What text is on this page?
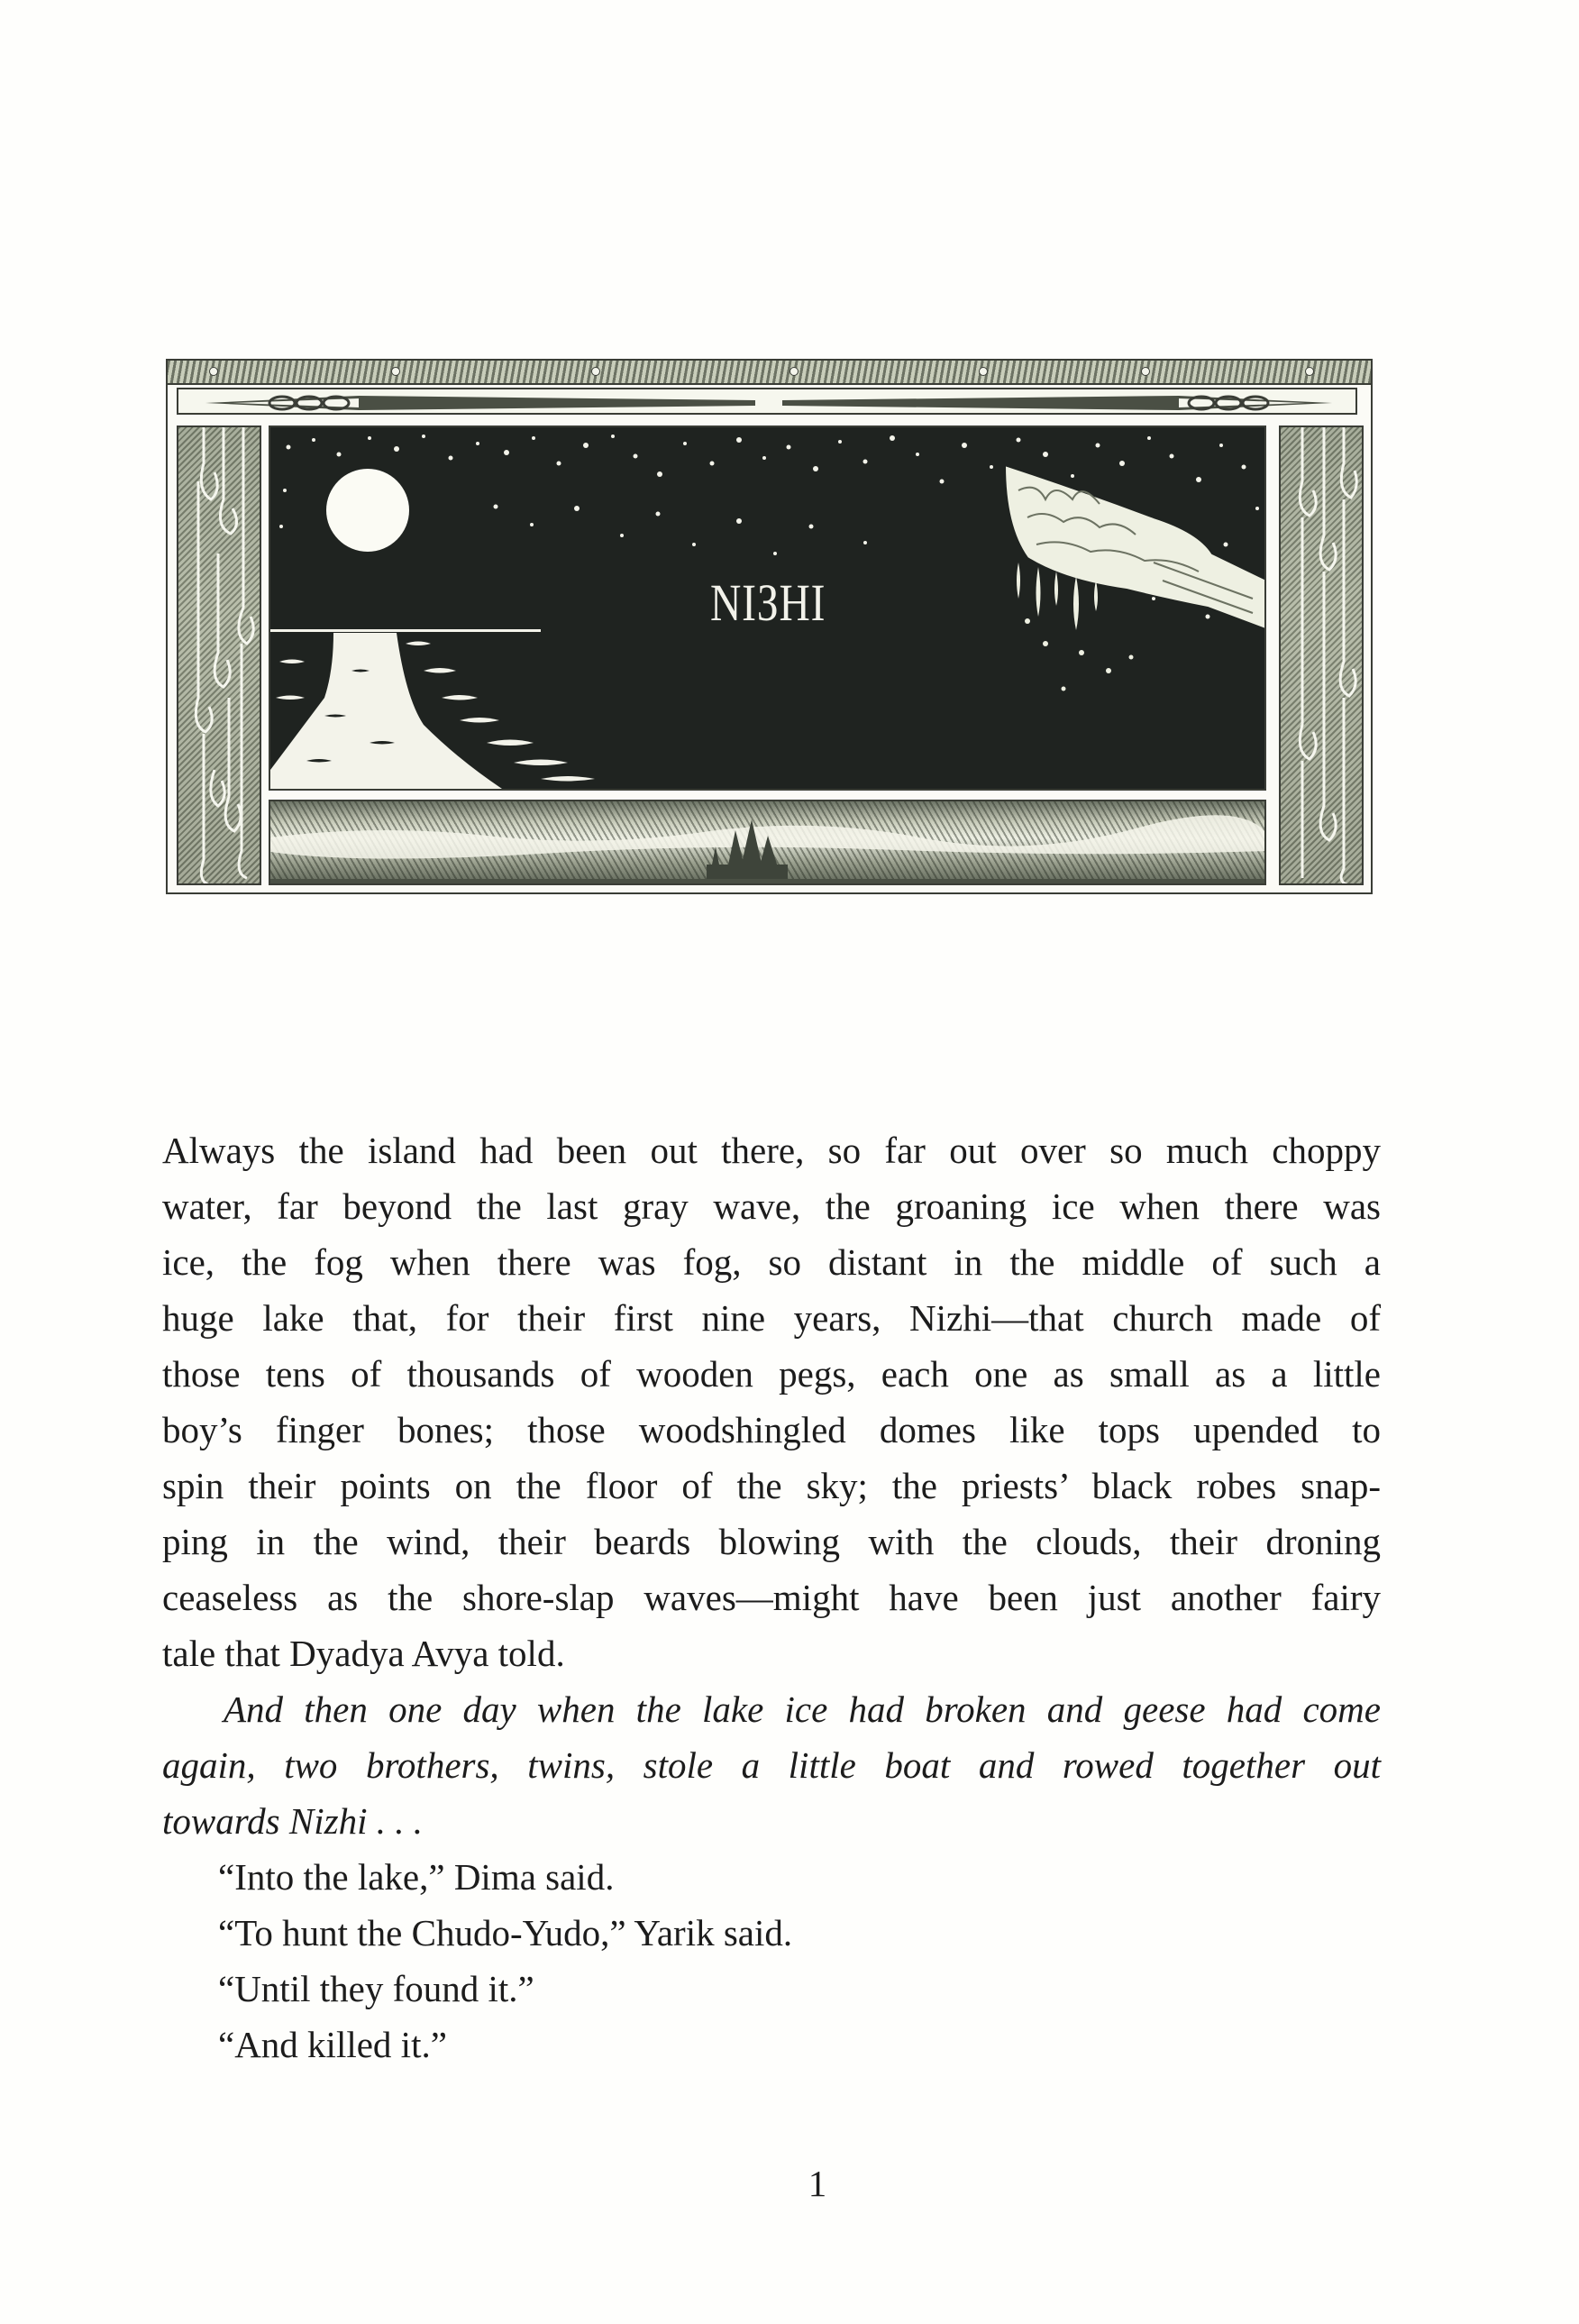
NIЗHI

Always the island had been out there, so far out over so much choppy
water, far beyond the last gray wave, the groaning ice when there was
ice, the fog when there was fog, so distant in the middle of such a
huge lake that, for their first nine years, Nizhi—that church made of
those tens of thousands of wooden pegs, each one as small as a little
boy’s finger bones; those woodshingled domes like tops upended to
spin their points on the floor of the sky; the priests’ black robes snap-
ping in the wind, their beards blowing with the clouds, their droning
ceaseless as the shore-slap waves—might have been just another fairy
tale that Dyadya Avya told.

And then one day when the lake ice had broken and geese had come
again, two brothers, twins, stole a little boat and rowed together out
towards Nizhi . . .

“Into the lake,” Dima said.
“To hunt the Chudo-Yudo,” Yarik said.
“Until they found it.”
“And killed it.”
1
